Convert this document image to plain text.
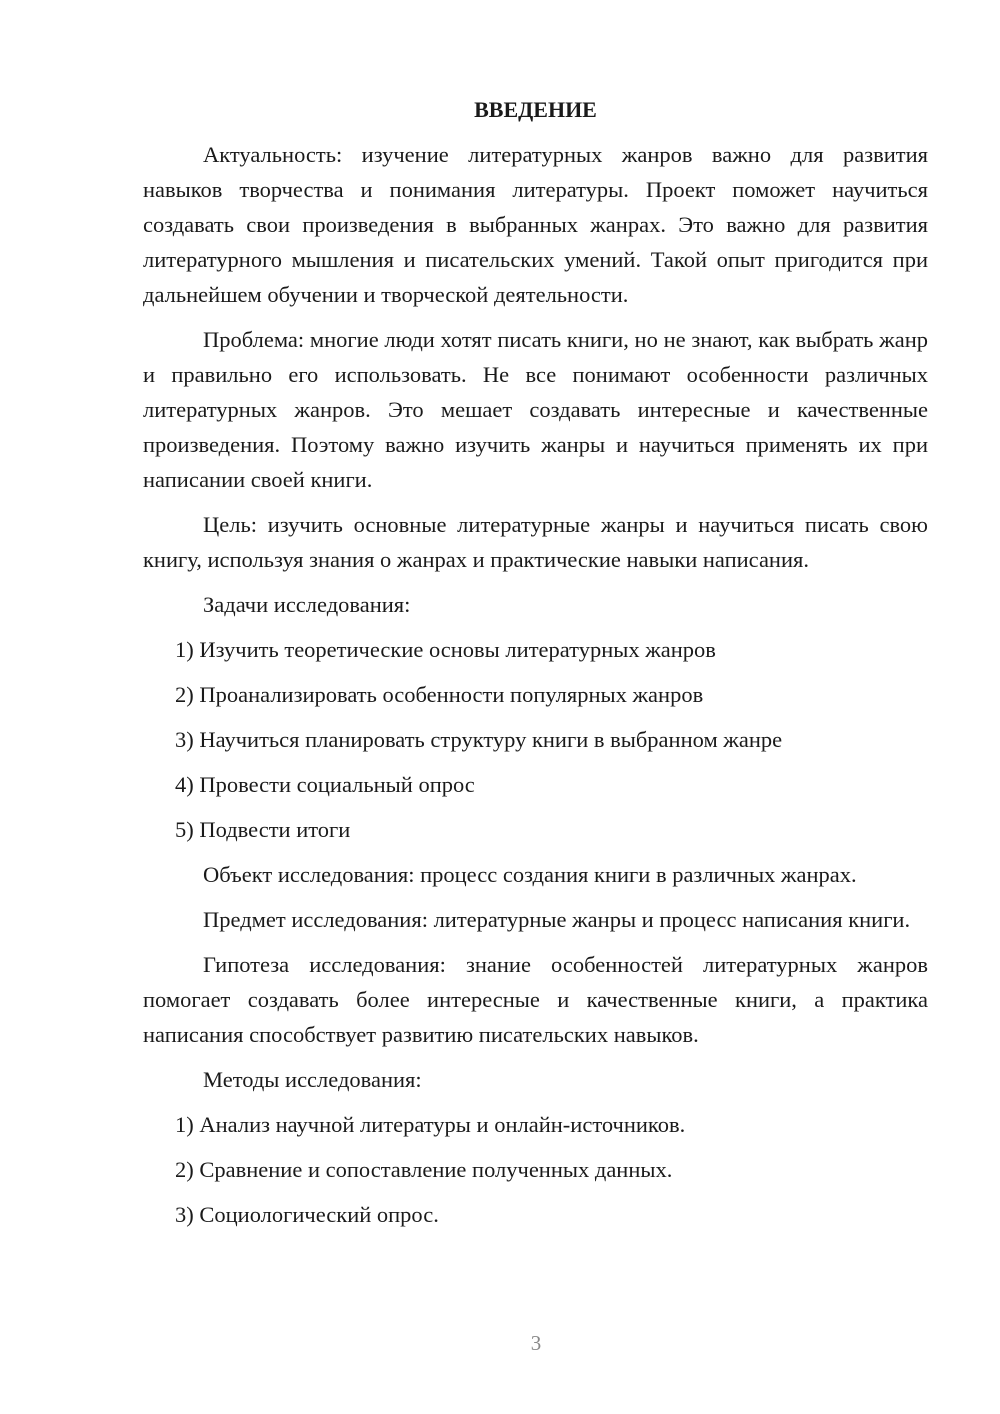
ВВЕДЕНИЕ

Актуальность: изучение литературных жанров важно для развития навыков творчества и понимания литературы. Проект поможет научиться создавать свои произведения в выбранных жанрах. Это важно для развития литературного мышления и писательских умений. Такой опыт пригодится при дальнейшем обучении и творческой деятельности.

Проблема: многие люди хотят писать книги, но не знают, как выбрать жанр и правильно его использовать. Не все понимают особенности различных литературных жанров. Это мешает создавать интересные и качественные произведения. Поэтому важно изучить жанры и научиться применять их при написании своей книги.

Цель: изучить основные литературные жанры и научиться писать свою книгу, используя знания о жанрах и практические навыки написания.

Задачи исследования:

1) Изучить теоретические основы литературных жанров
2) Проанализировать особенности популярных жанров
3) Научиться планировать структуру книги в выбранном жанре
4) Провести социальный опрос
5) Подвести итоги

Объект исследования: процесс создания книги в различных жанрах.

Предмет исследования: литературные жанры и процесс написания книги.

Гипотеза исследования: знание особенностей литературных жанров помогает создавать более интересные и качественные книги, а практика написания способствует развитию писательских навыков.

Методы исследования:

1) Анализ научной литературы и онлайн-источников.
2) Сравнение и сопоставление полученных данных.
3) Социологический опрос.
3
